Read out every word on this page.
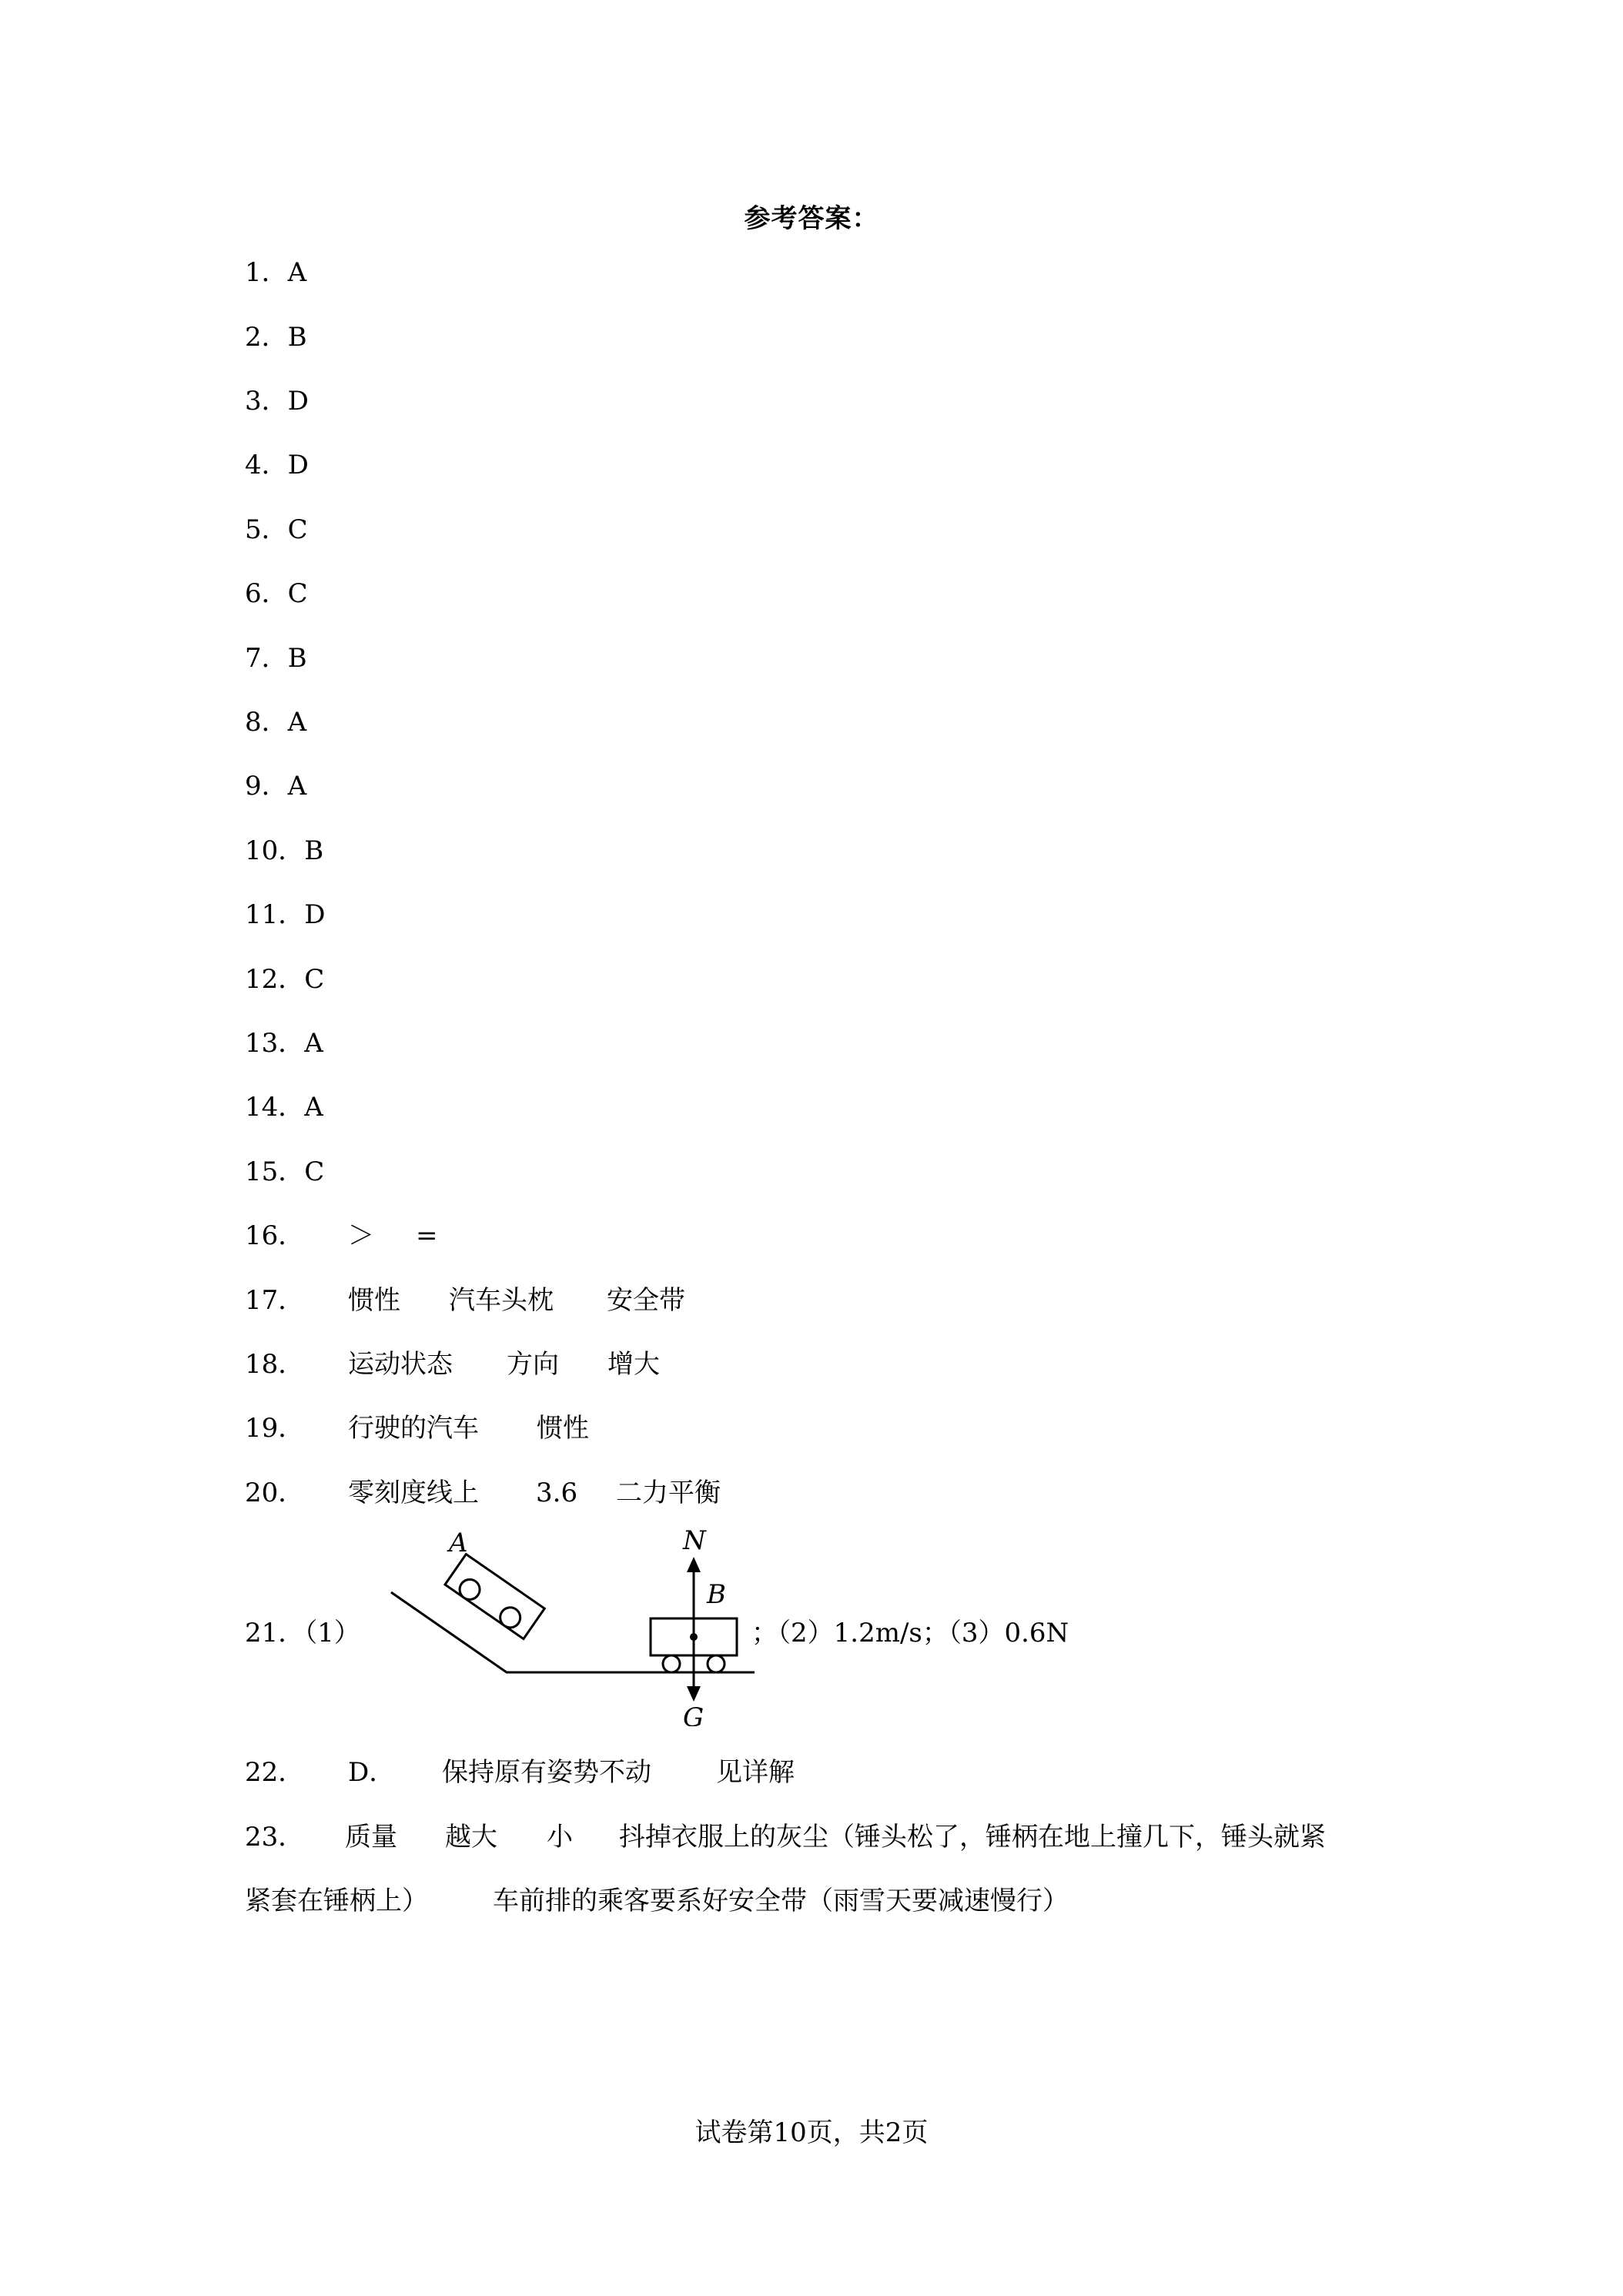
参考答案：
1．A
2．B
3．D
4．D
5．C
6．C
7．B
8．A
9．A
10．B
11．D
12．C
13．A
14．A
15．C
16． ＞ =
17． 惯性 汽车头枕 安全带
18． 运动状态 方向 增大
19． 行驶的汽车 惯性
20． 零刻度线上 3.6 二力平衡
21．（1）
A	N
B
G
；（2）1.2m/s；（3）0.6N
22． D． 保持原有姿势不动 见详解
23． 质量 越大 小 抖掉衣服上的灰尘（锤头松了，锤柄在地上撞几下，锤头就紧
紧套在锤柄上） 车前排的乘客要系好安全带（雨雪天要减速慢行）
试卷第10页，共2页
